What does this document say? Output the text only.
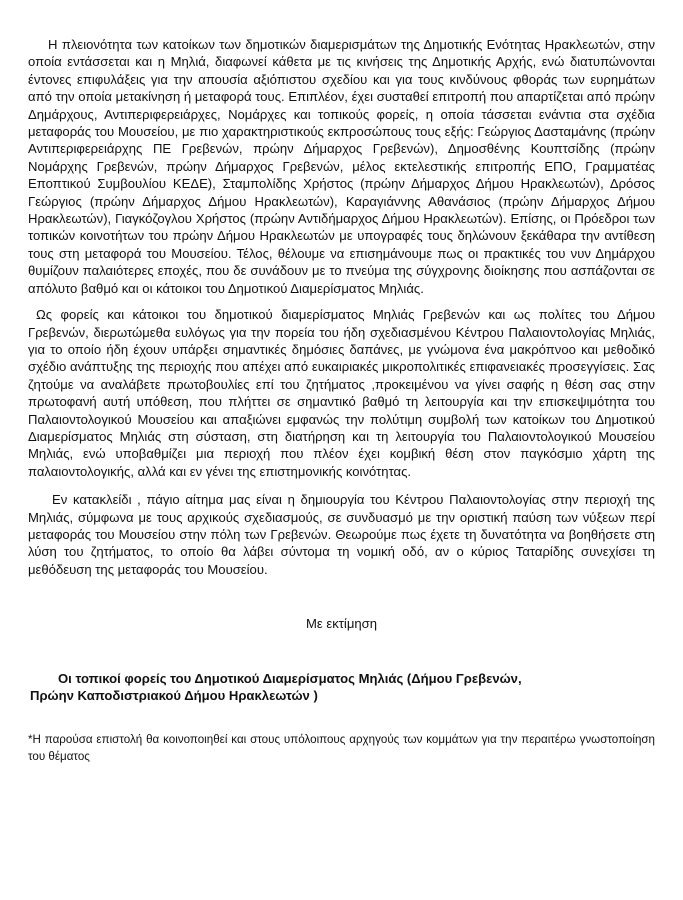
Η πλειονότητα των κατοίκων των δημοτικών διαμερισμάτων της Δημοτικής Ενότητας Ηρακλεωτών, στην οποία εντάσσεται και η Μηλιά, διαφωνεί κάθετα με τις κινήσεις της Δημοτικής Αρχής, ενώ διατυπώνονται έντονες επιφυλάξεις για την απουσία αξιόπιστου σχεδίου και για τους κινδύνους φθοράς των ευρημάτων από την οποία μετακίνηση ή μεταφορά τους. Επιπλέον, έχει συσταθεί επιτροπή που απαρτίζεται από πρώην Δημάρχους, Αντιπεριφερειάρχες, Νομάρχες και τοπικούς φορείς, η οποία τάσσεται ενάντια στα σχέδια μεταφοράς του Μουσείου, με πιο χαρακτηριστικούς εκπροσώπους τους εξής: Γεώργιος Δασταμάνης (πρώην Αντιπεριφερειάρχης ΠΕ Γρεβενών, πρώην Δήμαρχος Γρεβενών), Δημοσθένης Κουπτσίδης (πρώην Νομάρχης Γρεβενών, πρώην Δήμαρχος Γρεβενών, μέλος εκτελεστικής επιτροπής ΕΠΟ, Γραμματέας Εποπτικού Συμβουλίου ΚΕΔΕ), Σταμπολίδης Χρήστος (πρώην Δήμαρχος Δήμου Ηρακλεωτών), Δρόσος Γεώργιος (πρώην Δήμαρχος Δήμου Ηρακλεωτών), Καραγιάννης Αθανάσιος (πρώην Δήμαρχος Δήμου Ηρακλεωτών), Γιαγκόζογλου Χρήστος (πρώην Αντιδήμαρχος Δήμου Ηρακλεωτών). Επίσης, οι Πρόεδροι των τοπικών κοινοτήτων του πρώην Δήμου Ηρακλεωτών με υπογραφές τους δηλώνουν ξεκάθαρα την αντίθεση τους στη μεταφορά του Μουσείου. Τέλος, θέλουμε να επισημάνουμε πως οι πρακτικές του νυν Δημάρχου θυμίζουν παλαιότερες εποχές, που δε συνάδουν με το πνεύμα της σύγχρονης διοίκησης που ασπάζονται σε απόλυτο βαθμό και οι κάτοικοι του Δημοτικού Διαμερίσματος Μηλιάς.

Ως φορείς και κάτοικοι του δημοτικού διαμερίσματος Μηλιάς Γρεβενών και ως πολίτες του Δήμου Γρεβενών, διερωτώμεθα ευλόγως για την πορεία του ήδη σχεδιασμένου Κέντρου Παλαιοντολογίας Μηλιάς, για το οποίο ήδη έχουν υπάρξει σημαντικές δημόσιες δαπάνες, με γνώμονα ένα μακρόπνοο και μεθοδικό σχέδιο ανάπτυξης της περιοχής που απέχει από ευκαιριακές μικροπολιτικές επιφανειακές προσεγγίσεις. Σας ζητούμε να αναλάβετε πρωτοβουλίες επί του ζητήματος ,προκειμένου να γίνει σαφής η θέση σας στην πρωτοφανή αυτή υπόθεση, που πλήττει σε σημαντικό βαθμό τη λειτουργία και την επισκεψιμότητα του Παλαιοντολογικού Μουσείου και απαξιώνει εμφανώς την πολύτιμη συμβολή των κατοίκων του Δημοτικού Διαμερίσματος Μηλιάς στη σύσταση, στη διατήρηση και τη λειτουργία του Παλαιοντολογικού Μουσείου Μηλιάς, ενώ υποβαθμίζει μια περιοχή που πλέον έχει κομβική θέση στον παγκόσμιο χάρτη της παλαιοντολογικής, αλλά και εν γένει της επιστημονικής κοινότητας.

Εν κατακλείδι , πάγιο αίτημα μας είναι η δημιουργία του Κέντρου Παλαιοντολογίας στην περιοχή της Μηλιάς, σύμφωνα με τους αρχικούς σχεδιασμούς, σε συνδυασμό με την οριστική παύση των νύξεων περί μεταφοράς του Μουσείου στην πόλη των Γρεβενών. Θεωρούμε πως έχετε τη δυνατότητα να βοηθήσετε στη λύση του ζητήματος, το οποίο θα λάβει σύντομα τη νομική οδό, αν ο κύριος Ταταρίδης συνεχίσει τη μεθόδευση της μεταφοράς του Μουσείου.

Με εκτίμηση

Οι τοπικοί φορείς του Δημοτικού Διαμερίσματος Μηλιάς (Δήμου Γρεβενών,
Πρώην Καποδιστριακού Δήμου Ηρακλεωτών )

*Η παρούσα επιστολή θα κοινοποιηθεί και στους υπόλοιπους αρχηγούς των κομμάτων για την περαιτέρω γνωστοποίηση του θέματος
